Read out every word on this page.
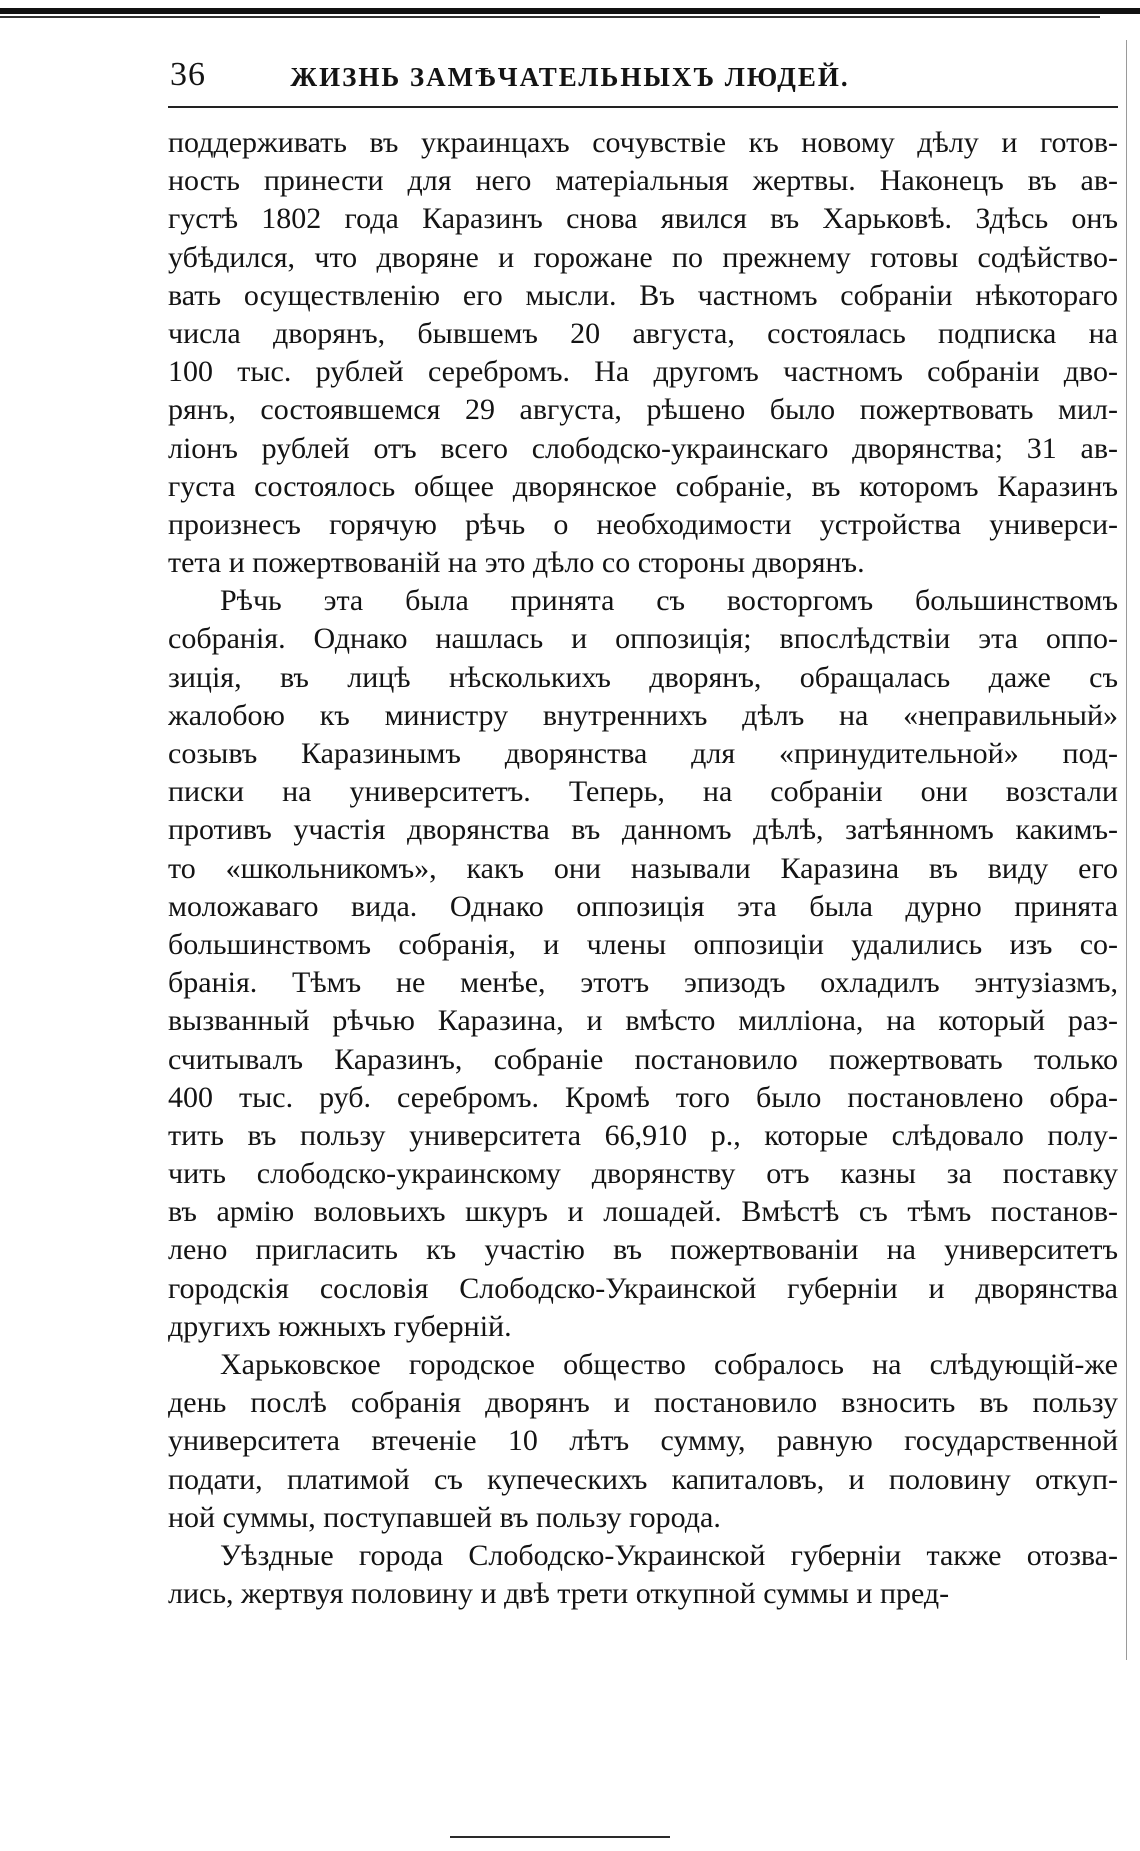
36	ЖИЗНЬ ЗАМѢЧАТЕЛЬНЫХЪ ЛЮДЕЙ.
поддерживать въ украинцахъ сочувствіе къ новому дѣлу и готов-
ность принести для него матеріальныя жертвы. Наконецъ въ ав-
густѣ 1802 года Каразинъ снова явился въ Харьковѣ. Здѣсь онъ
убѣдился, что дворяне и горожане по прежнему готовы содѣйство-
вать осуществленію его мысли. Въ частномъ собраніи нѣкотораго
числа дворянъ, бывшемъ 20 августа, состоялась подписка на
100 тыс. рублей серебромъ. На другомъ частномъ собраніи дво-
рянъ, состоявшемся 29 августа, рѣшено было пожертвовать мил-
ліонъ рублей отъ всего слободско-украинскаго дворянства; 31 ав-
густа состоялось общее дворянское собраніе, въ которомъ Каразинъ
произнесъ горячую рѣчь о необходимости устройства универси-
тета и пожертвованій на это дѣло со стороны дворянъ.
Рѣчь эта была принята съ восторгомъ большинствомъ
собранія. Однако нашлась и оппозиція; впослѣдствіи эта оппо-
зиція, въ лицѣ нѣсколькихъ дворянъ, обращалась даже съ
жалобою къ министру внутреннихъ дѣлъ на «неправильный»
созывъ Каразинымъ дворянства для «принудительной» под-
писки на университетъ. Теперь, на собраніи они возстали
противъ участія дворянства въ данномъ дѣлѣ, затѣянномъ какимъ-
то «школьникомъ», какъ они называли Каразина въ виду его
моложаваго вида. Однако оппозиція эта была дурно принята
большинствомъ собранія, и члены оппозиціи удалились изъ со-
бранія. Тѣмъ не менѣе, этотъ эпизодъ охладилъ энтузіазмъ,
вызванный рѣчью Каразина, и вмѣсто милліона, на который раз-
считывалъ Каразинъ, собраніе постановило пожертвовать только
400 тыс. руб. серебромъ. Кромѣ того было постановлено обра-
тить въ пользу университета 66,910 р., которые слѣдовало полу-
чить слободско-украинскому дворянству отъ казны за поставку
въ армію воловьихъ шкуръ и лошадей. Вмѣстѣ съ тѣмъ постанов-
лено пригласить къ участію въ пожертвованіи на университетъ
городскія сословія Слободско-Украинской губерніи и дворянства
другихъ южныхъ губерній.
Харьковское городское общество собралось на слѣдующій-же
день послѣ собранія дворянъ и постановило взносить въ пользу
университета втеченіе 10 лѣтъ сумму, равную государственной
подати, платимой съ купеческихъ капиталовъ, и половину откуп-
ной суммы, поступавшей въ пользу города.
Уѣздные города Слободско-Украинской губерніи также отозва-
лись, жертвуя половину и двѣ трети откупной суммы и пред-
